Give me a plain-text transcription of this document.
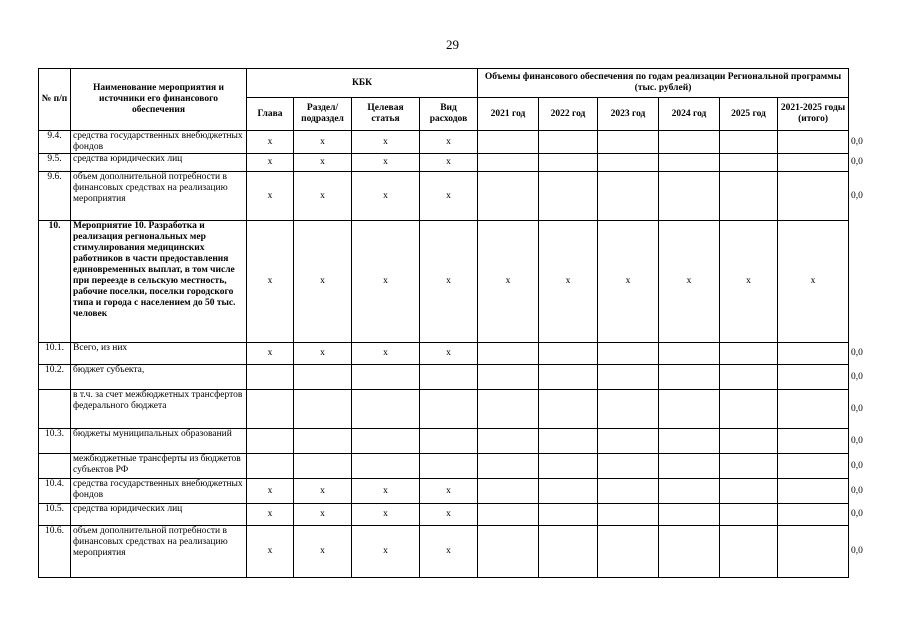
29
№ п/п	Наименование мероприятия и источники его финансового обеспечения	КБК				Объемы финансового обеспечения по годам реализации Региональной программы (тыс. рублей)						
		Глава	Раздел/ подраздел	Целевая статья	Вид расходов	2021 год	2022 год	2023 год	2024 год	2025 год	2021-2025 годы (итого)	
9.4.	средства государственных внебюджетных фондов	x	x	x	x							0,0
9.5.	средства юридических лиц	x	x	x	x							0,0
9.6.	объем дополнительной потребности в финансовых средствах на реализацию мероприятия	x	x	x	x							0,0
10.	Мероприятие 10. Разработка и реализация региональных мер стимулирования медицинских работников в части предоставления единовременных выплат, в том числе при переезде в сельскую местность, рабочие поселки, поселки городского типа и города с населением до 50 тыс. человек	x	x	x	x	x	x	x	x	x	x	
10.1.	Всего, из них	x	x	x	x							0,0
10.2.	бюджет субъекта,											0,0
	в т.ч. за счет межбюджетных трансфертов федерального бюджета											0,0
10.3.	бюджеты муниципальных образований											0,0
	межбюджетные трансферты из бюджетов субъектов РФ											0,0
10.4.	средства государственных внебюджетных фондов	x	x	x	x							0,0
10.5.	средства юридических лиц	x	x	x	x							0,0
10.6.	объем дополнительной потребности в финансовых средствах на реализацию мероприятия	x	x	x	x							0,0
